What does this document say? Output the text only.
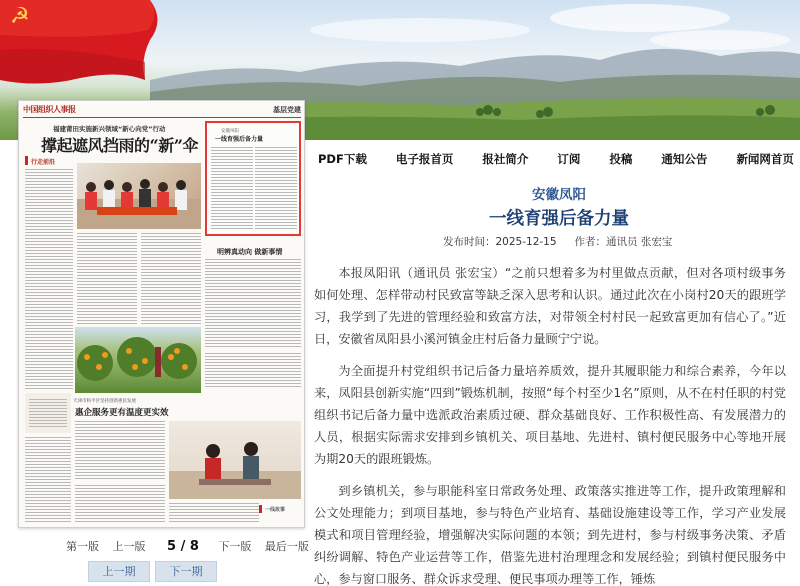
☭
中国组织人事报	基层党建
福建莆田实施新兴领域“新心向党”行动
撑起遮风挡雨的“新”伞
行走前沿
安徽凤阳
一线育强后备力量
明辨真动向 做新事情
天津市和平区坚持创新惠民发展
惠企服务更有温度更实效
一线故事
第一版 上一版 5 / 8 下一版 最后一版
上一期	下一期
PDF下载	电子报首页	报社简介	订阅	投稿	通知公告	新闻网首页
安徽凤阳
一线育强后备力量
发布时间：2025-12-15 作者：通讯员 张宏宝

本报凤阳讯（通讯员 张宏宝）“之前只想着多为村里做点贡献，但对各项村级事务如何处理、怎样带动村民致富等缺乏深入思考和认识。通过此次在小岗村20天的跟班学习，我学到了先进的管理经验和致富方法，对带领全村村民一起致富更加有信心了。”近日，安徽省凤阳县小溪河镇金庄村后备力量顾宁宁说。

为全面提升村党组织书记后备力量培养质效，提升其履职能力和综合素养，今年以来，凤阳县创新实施“四到”锻炼机制，按照“每个村至少1名”原则，从不在村任职的村党组织书记后备力量中选派政治素质过硬、群众基础良好、工作积极性高、有发展潜力的人员，根据实际需求安排到乡镇机关、项目基地、先进村、镇村便民服务中心等地开展为期20天的跟班锻炼。

到乡镇机关，参与职能科室日常政务处理、政策落实推进等工作，提升政策理解和公文处理能力；到项目基地，参与特色产业培育、基础设施建设等工作，学习产业发展模式和项目管理经验，增强解决实际问题的本领；到先进村，参与村级事务决策、矛盾纠纷调解、特色产业运营等工作，借鉴先进村治理理念和发展经验；到镇村便民服务中心，参与窗口服务、群众诉求受理、便民事项办理等工作，锤炼
